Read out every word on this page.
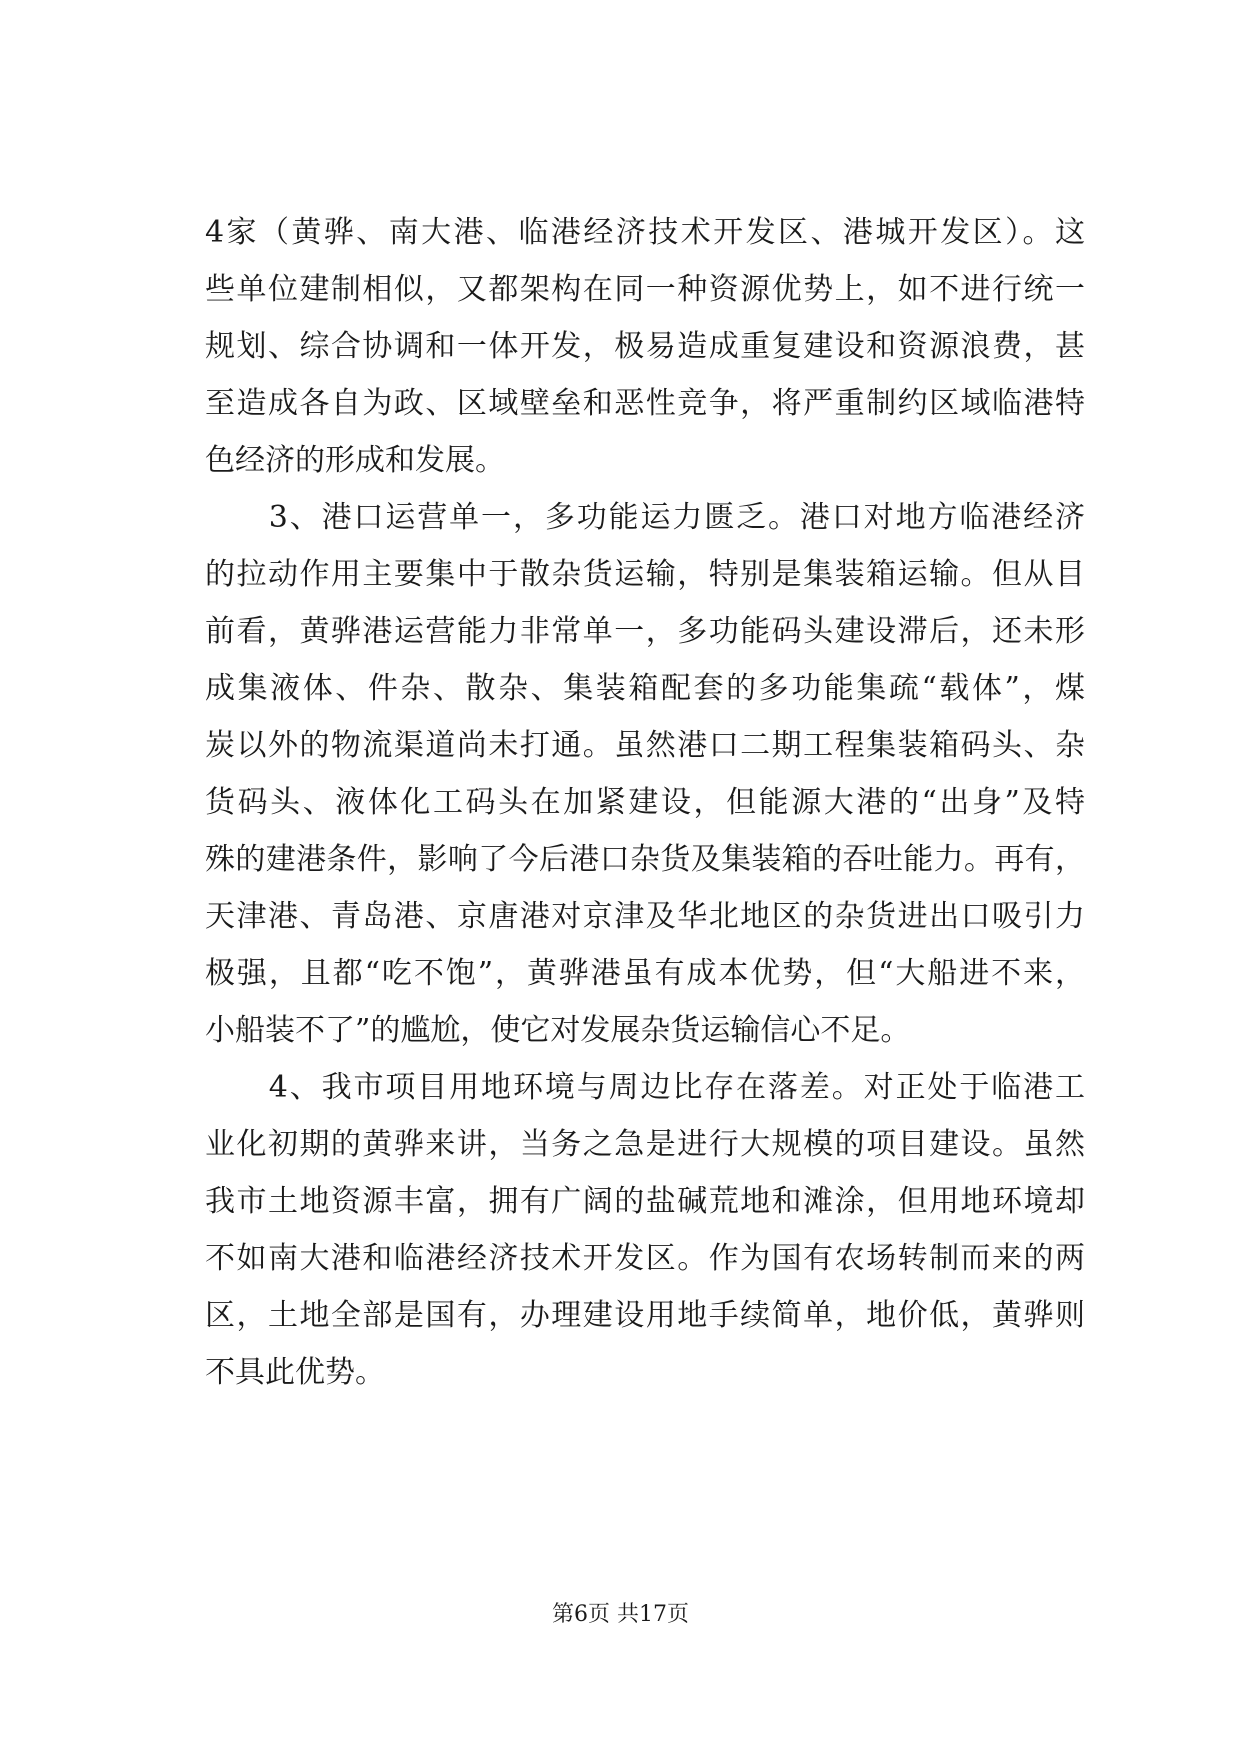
4家（黄骅、南大港、临港经济技术开发区、港城开发区）。这
些单位建制相似，又都架构在同一种资源优势上，如不进行统一
规划、综合协调和一体开发，极易造成重复建设和资源浪费，甚
至造成各自为政、区域壁垒和恶性竞争，将严重制约区域临港特
色经济的形成和发展。
　　3、港口运营单一，多功能运力匮乏。港口对地方临港经济
的拉动作用主要集中于散杂货运输，特别是集装箱运输。但从目
前看，黄骅港运营能力非常单一，多功能码头建设滞后，还未形
成集液体、件杂、散杂、集装箱配套的多功能集疏“载体”，煤
炭以外的物流渠道尚未打通。虽然港口二期工程集装箱码头、杂
货码头、液体化工码头在加紧建设，但能源大港的“出身”及特
殊的建港条件，影响了今后港口杂货及集装箱的吞吐能力。再有，
天津港、青岛港、京唐港对京津及华北地区的杂货进出口吸引力
极强，且都“吃不饱”，黄骅港虽有成本优势，但“大船进不来，
小船装不了”的尴尬，使它对发展杂货运输信心不足。
　　4、我市项目用地环境与周边比存在落差。对正处于临港工
业化初期的黄骅来讲，当务之急是进行大规模的项目建设。虽然
我市土地资源丰富，拥有广阔的盐碱荒地和滩涂，但用地环境却
不如南大港和临港经济技术开发区。作为国有农场转制而来的两
区，土地全部是国有，办理建设用地手续简单，地价低，黄骅则
不具此优势。
第6页 共17页
